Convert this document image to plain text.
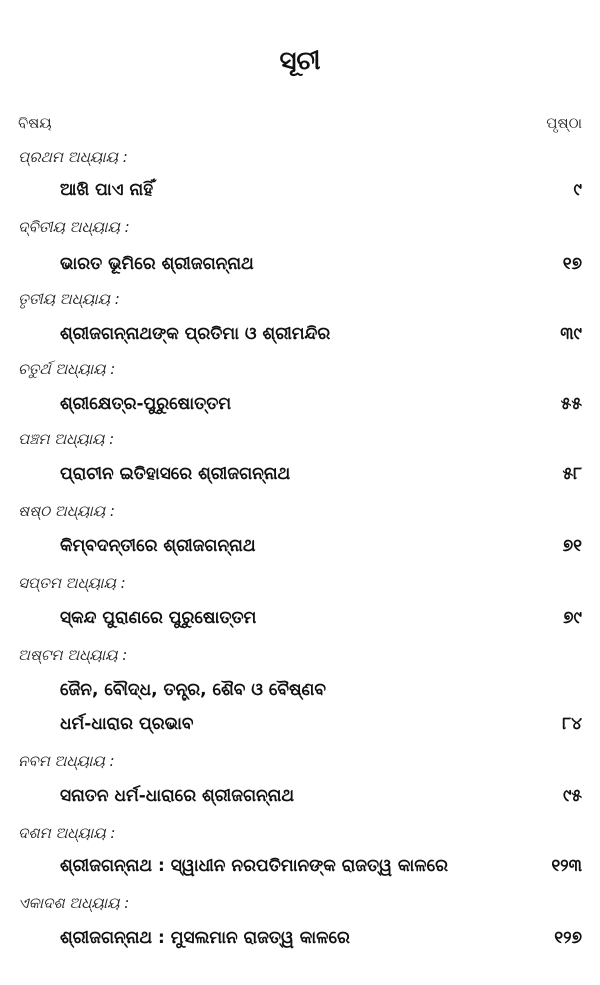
ସୂଚୀ
ବିଷୟ	ପୃଷ୍ଠା
ପ୍ରଥମ ଅଧ୍ୟାୟ :
ଆଖି ପାଏ ନାହିଁ	୯
ଦ୍ବିତୀୟ ଅଧ୍ୟାୟ :
ଭାରତ ଭୂମିରେ ଶ୍ରୀଜଗନ୍ନାଥ	୧୭
ତୃତୀୟ ଅଧ୍ୟାୟ :
ଶ୍ରୀଜଗନ୍ନାଥଙ୍କ ପ୍ରତିମା ଓ ଶ୍ରୀମନ୍ଦିର	୩୯
ଚତୁର୍ଥ ଅଧ୍ୟାୟ :
ଶ୍ରୀକ୍ଷେତ୍ର-ପୁରୁଷୋତ୍ତମ	୫୫
ପଞ୍ଚମ ଅଧ୍ୟାୟ :
ପ୍ରାଚୀନ ଇତିହାସରେ ଶ୍ରୀଜଗନ୍ନାଥ	୫୮
ଷଷ୍ଠ ଅଧ୍ୟାୟ :
କିମ୍ବଦନ୍ତୀରେ ଶ୍ରୀଜଗନ୍ନାଥ	୭୧
ସପ୍ତମ ଅଧ୍ୟାୟ :
ସ୍କନ୍ଦ ପୁରାଣରେ ପୁରୁଷୋତ୍ତମ	୭୯
ଅଷ୍ଟମ ଅଧ୍ୟାୟ :
ଜୈନ, ବୌଦ୍ଧ, ତନ୍ତ୍ର, ଶୈବ ଓ ବୈଷ୍ଣବ
ଧର୍ମ-ଧାରାର ପ୍ରଭାବ	୮୪
ନବମ ଅଧ୍ୟାୟ :
ସନାତନ ଧର୍ମ-ଧାରାରେ ଶ୍ରୀଜଗନ୍ନାଥ	୯୫
ଦଶମ ଅଧ୍ୟାୟ :
ଶ୍ରୀଜଗନ୍ନାଥ : ସ୍ୱାଧୀନ ନରପତିମାନଙ୍କ ରାଜତ୍ୱ କାଳରେ	୧୨୩
ଏକାଦଶ ଅଧ୍ୟାୟ :
ଶ୍ରୀଜଗନ୍ନାଥ : ମୁସଲମାନ ରାଜତ୍ୱ କାଳରେ	୧୨୭
